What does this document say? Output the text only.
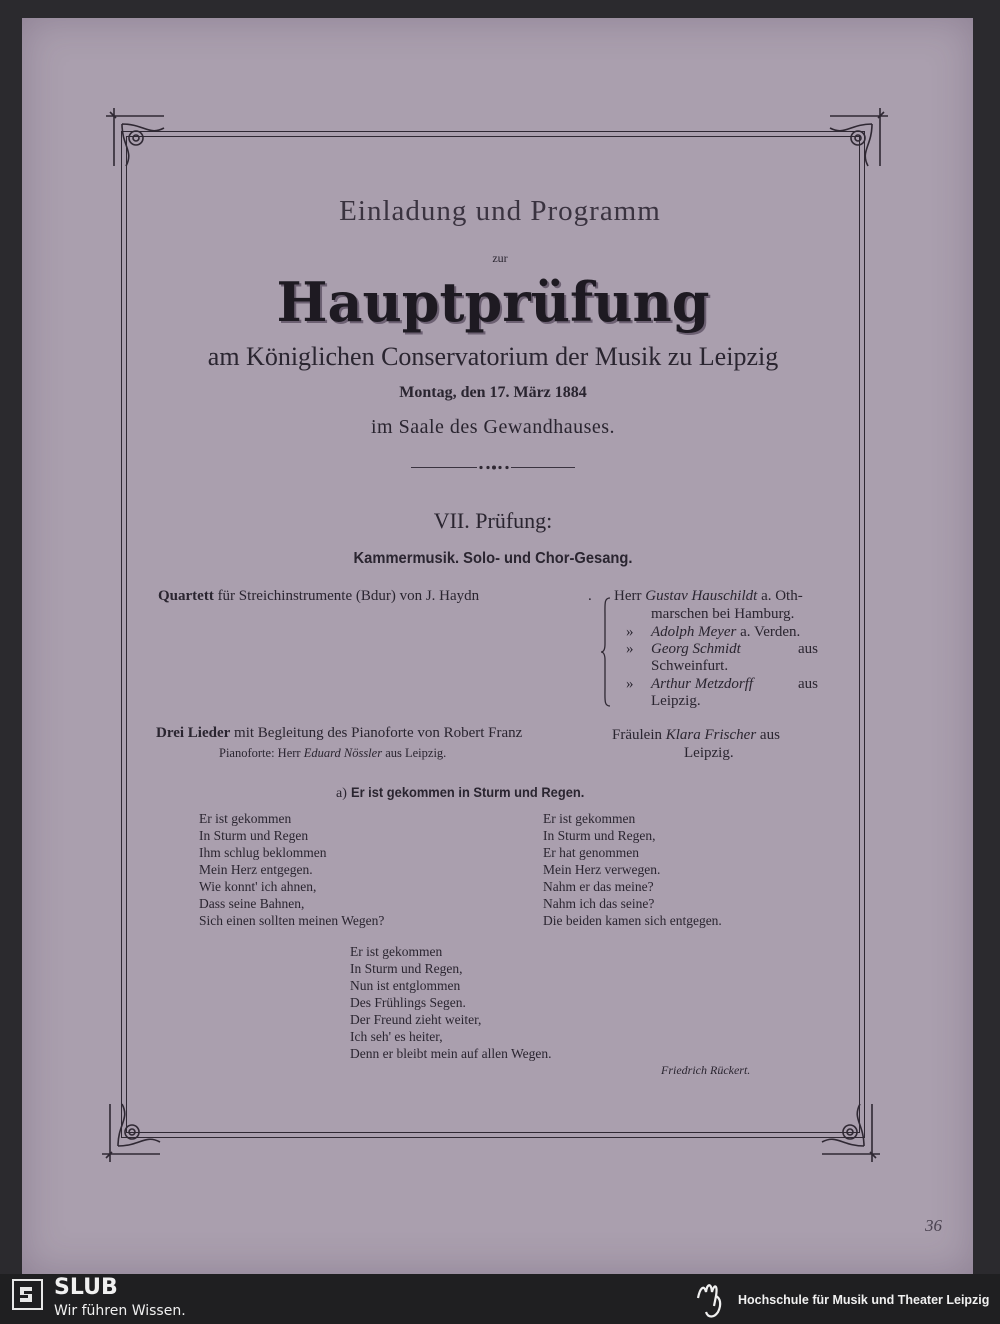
Einladung und Programm
zur
Hauptprüfung
am Königlichen Conservatorium der Musik zu Leipzig
Montag, den 17. März 1884
im Saale des Gewandhauses.
VII. Prüfung:
Kammermusik. Solo- und Chor-Gesang.
Quartett für Streichinstrumente (Bdur) von J. Haydn	. Herr Gustav Hauschildt a. Oth-
marschen bei Hamburg.
» Adolph Meyer a. Verden.
» Georg Schmidt	aus
Schweinfurt.
» Arthur Metzdorff	aus
Leipzig.
Drei Lieder mit Begleitung des Pianoforte von Robert Franz
Pianoforte: Herr Eduard Nössler aus Leipzig.
Fräulein Klara Frischer aus
Leipzig.
a) Er ist gekommen in Sturm und Regen.
Er ist gekommen
In Sturm und Regen
Ihm schlug beklommen
Mein Herz entgegen.
Wie konnt' ich ahnen,
Dass seine Bahnen,
Sich einen sollten meinen Wegen?
Er ist gekommen
In Sturm und Regen,
Er hat genommen
Mein Herz verwegen.
Nahm er das meine?
Nahm ich das seine?
Die beiden kamen sich entgegen.
Er ist gekommen
In Sturm und Regen,
Nun ist entglommen
Des Frühlings Segen.
Der Freund zieht weiter,
Ich seh' es heiter,
Denn er bleibt mein auf allen Wegen.
Friedrich Rückert.
36
SLUB
Wir führen Wissen.
Hochschule für Musik und Theater Leipzig
